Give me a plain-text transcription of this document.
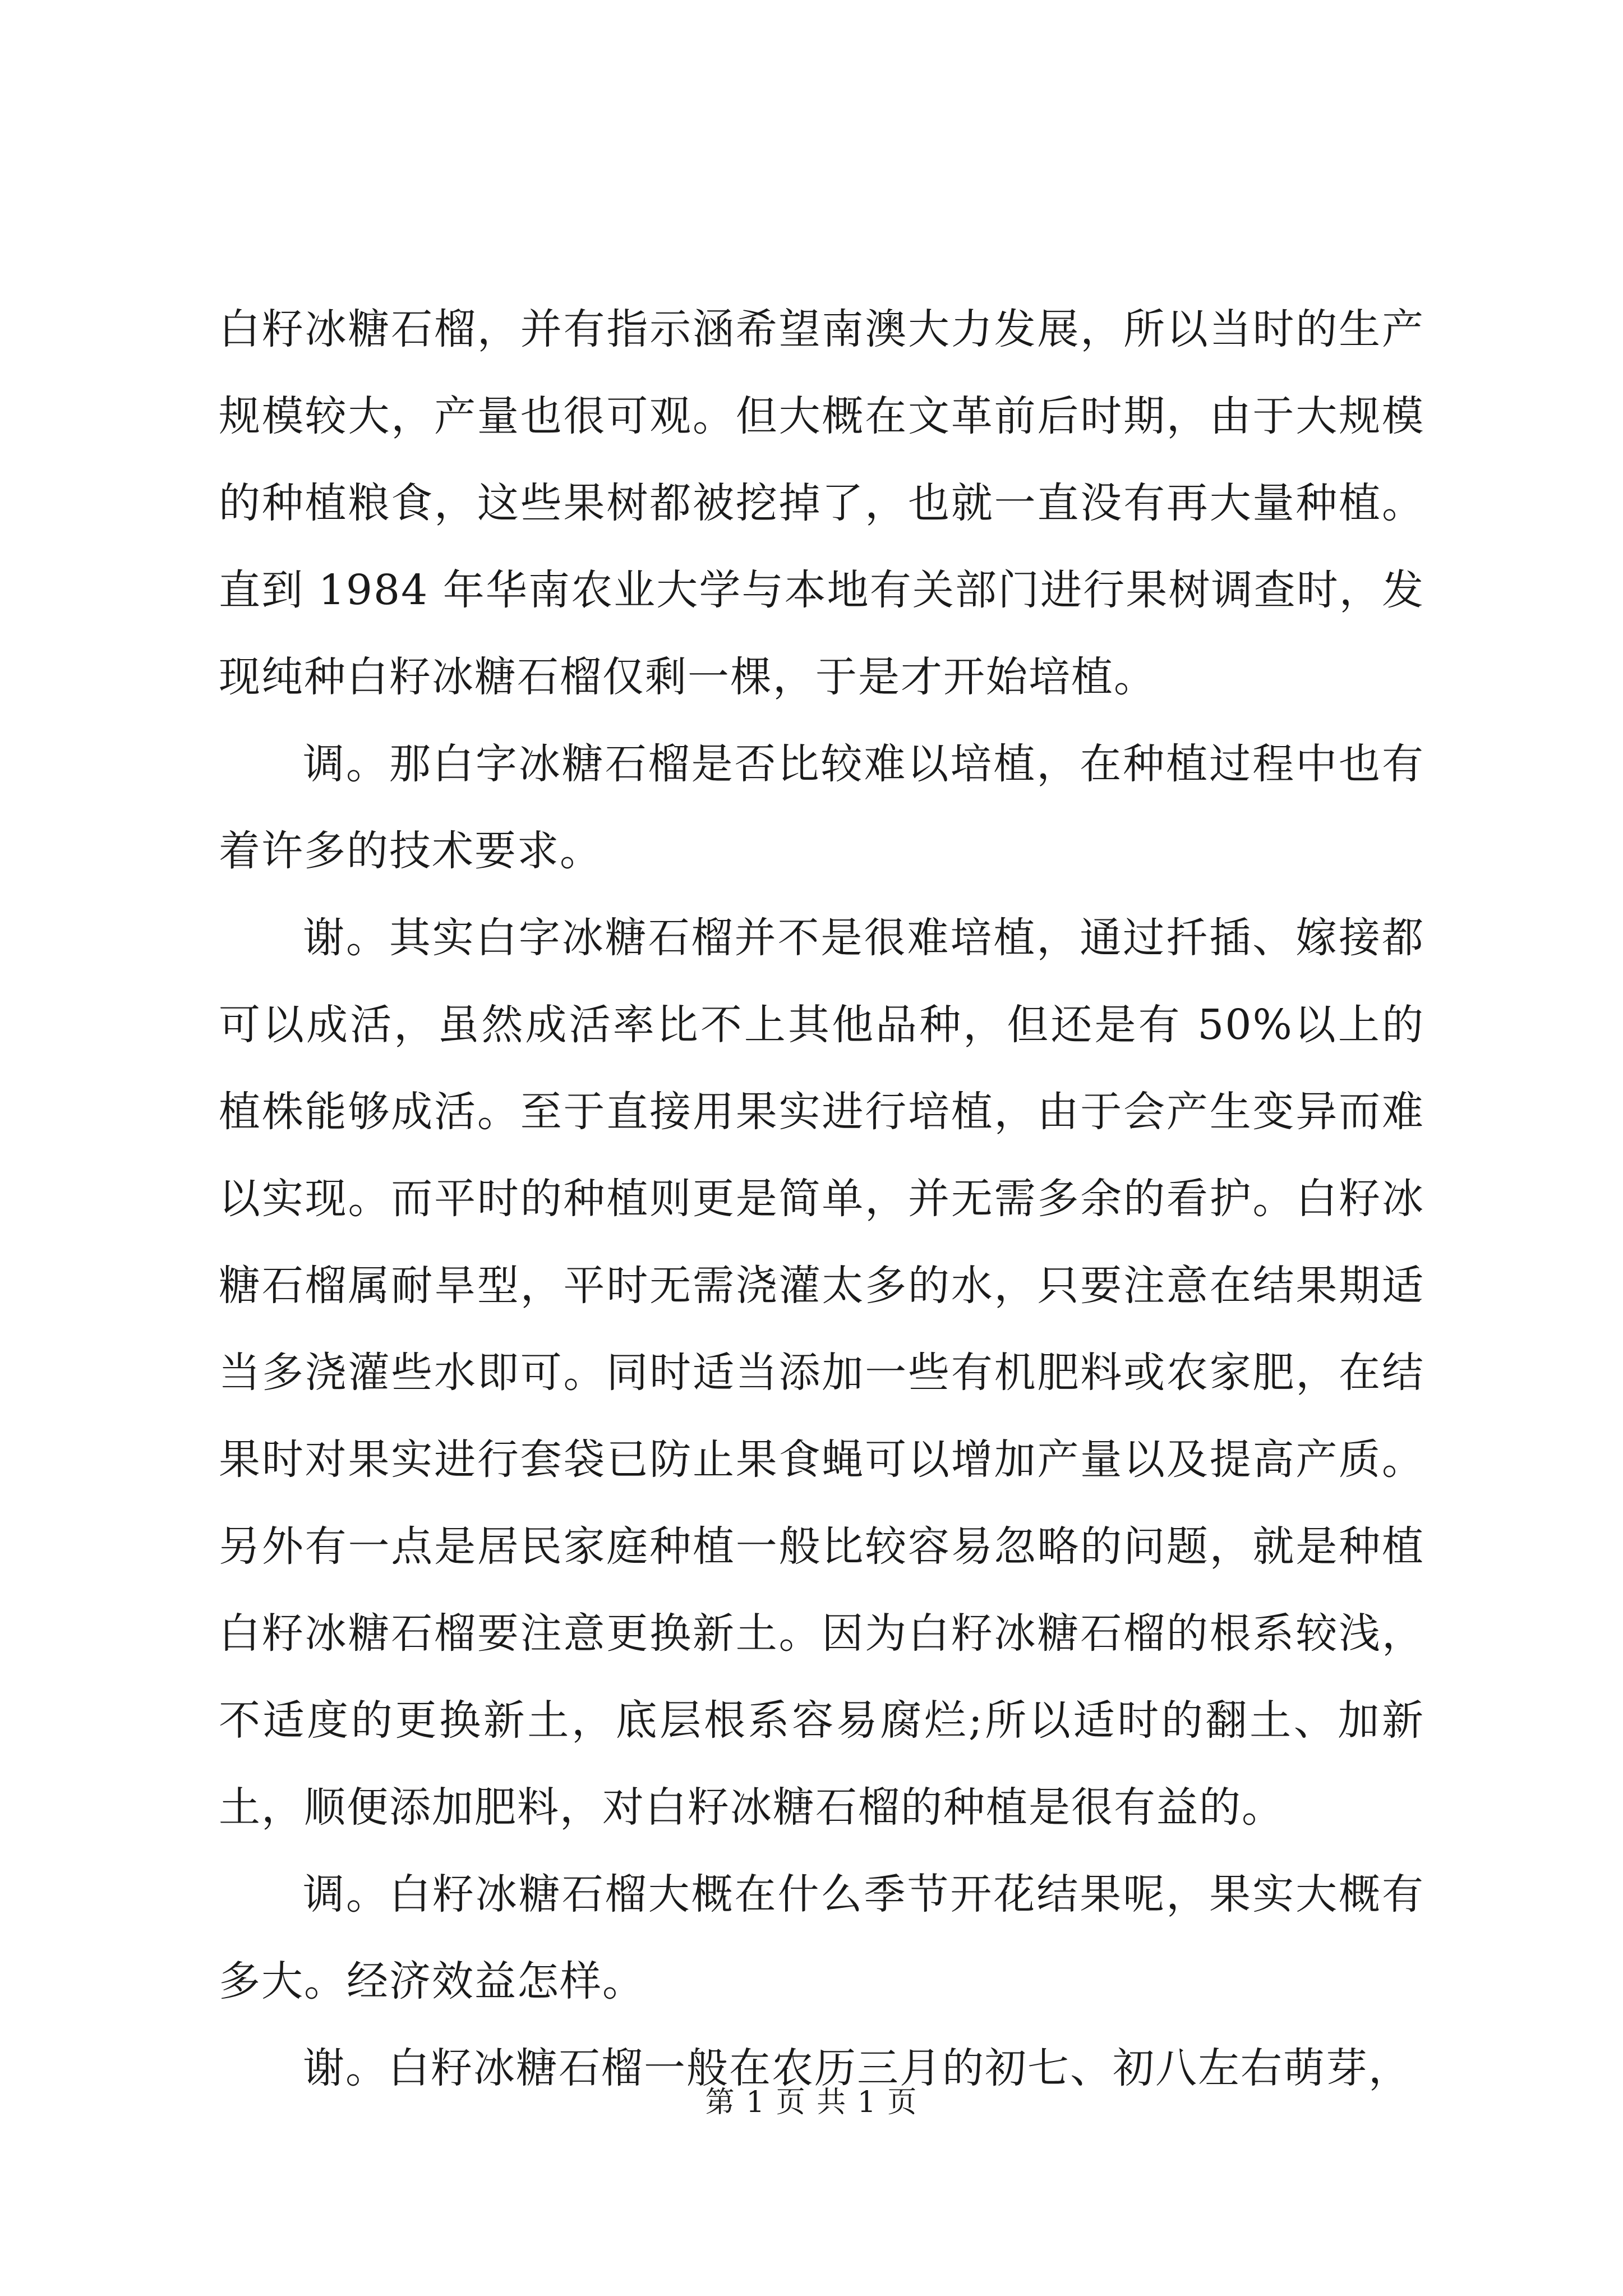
白籽冰糖石榴，并有指示涵希望南澳大力发展，所以当时的生产规模较大，产量也很可观。但大概在文革前后时期，由于大规模的种植粮食，这些果树都被挖掉了，也就一直没有再大量种植。直到 1984 年华南农业大学与本地有关部门进行果树调查时，发现纯种白籽冰糖石榴仅剩一棵，于是才开始培植。

调。那白字冰糖石榴是否比较难以培植，在种植过程中也有着许多的技术要求。

谢。其实白字冰糖石榴并不是很难培植，通过扦插、嫁接都可以成活，虽然成活率比不上其他品种，但还是有 50%以上的植株能够成活。至于直接用果实进行培植，由于会产生变异而难以实现。而平时的种植则更是简单，并无需多余的看护。白籽冰糖石榴属耐旱型，平时无需浇灌太多的水，只要注意在结果期适当多浇灌些水即可。同时适当添加一些有机肥料或农家肥，在结果时对果实进行套袋已防止果食蝇可以增加产量以及提高产质。另外有一点是居民家庭种植一般比较容易忽略的问题，就是种植白籽冰糖石榴要注意更换新土。因为白籽冰糖石榴的根系较浅，不适度的更换新土，底层根系容易腐烂;所以适时的翻土、加新土，顺便添加肥料，对白籽冰糖石榴的种植是很有益的。

调。白籽冰糖石榴大概在什么季节开花结果呢，果实大概有多大。经济效益怎样。

谢。白籽冰糖石榴一般在农历三月的初七、初八左右萌芽，

第 1 页 共 1 页
